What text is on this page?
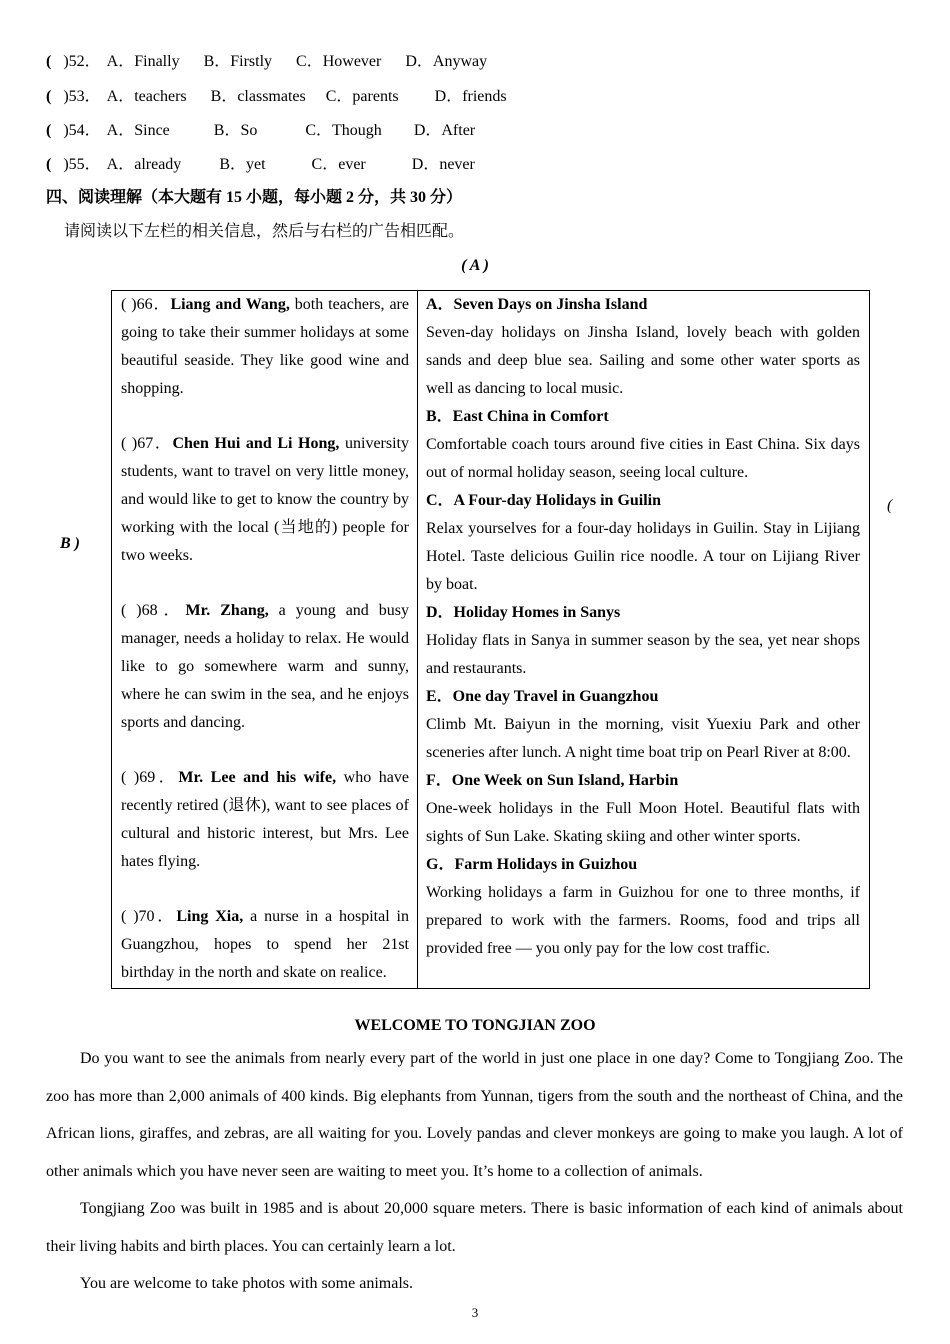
(   )52． A．Finally B．Firstly C．However D．Anyway
(   )53． A．teachers B．classmates C．parents D．friends
(   )54． A．Since	B．So	C．Though D．After
(   )55． A．already B．yet	C．ever	D．never
四、阅读理解（本大题有 15 小题，每小题 2 分，共 30 分）
请阅读以下左栏的相关信息，然后与右栏的广告相匹配。
( A )
B )
(

( )66．Liang and Wang, both teachers, are going to take their summer holidays at some beautiful seaside. They like good wine and shopping.

( )67．Chen Hui and Li Hong, university students, want to travel on very little money, and would like to get to know the country by working with the local (当地的) people for two weeks.

( )68．Mr. Zhang, a young and busy manager, needs a holiday to relax. He would like to go somewhere warm and sunny, where he can swim in the sea, and he enjoys sports and dancing.

( )69．Mr. Lee and his wife, who have recently retired (退休), want to see places of cultural and historic interest, but Mrs. Lee hates flying.

( )70．Ling Xia, a nurse in a hospital in Guangzhou, hopes to spend her 21st birthday in the north and skate on realice.

A．Seven Days on Jinsha Island

Seven-day holidays on Jinsha Island, lovely beach with golden sands and deep blue sea. Sailing and some other water sports as well as dancing to local music.

B．East China in Comfort

Comfortable coach tours around five cities in East China. Six days out of normal holiday season, seeing local culture.

C．A Four-day Holidays in Guilin

Relax yourselves for a four-day holidays in Guilin. Stay in Lijiang Hotel. Taste delicious Guilin rice noodle. A tour on Lijiang River by boat.

D．Holiday Homes in Sanys

Holiday flats in Sanya in summer season by the sea, yet near shops and restaurants.

E．One day Travel in Guangzhou

Climb Mt. Baiyun in the morning, visit Yuexiu Park and other sceneries after lunch. A night time boat trip on Pearl River at 8:00.

F．One Week on Sun Island, Harbin

One-week holidays in the Full Moon Hotel. Beautiful flats with sights of Sun Lake. Skating skiing and other winter sports.

G．Farm Holidays in Guizhou

Working holidays a farm in Guizhou for one to three months, if prepared to work with the farmers. Rooms, food and trips all provided free — you only pay for the low cost traffic.

WELCOME TO TONGJIAN ZOO

Do you want to see the animals from nearly every part of the world in just one place in one day? Come to Tongjiang Zoo. The zoo has more than 2,000 animals of 400 kinds. Big elephants from Yunnan, tigers from the south and the northeast of China, and the African lions, giraffes, and zebras, are all waiting for you. Lovely pandas and clever monkeys are going to make you laugh. A lot of other animals which you have never seen are waiting to meet you. It’s home to a collection of animals.

Tongjiang Zoo was built in 1985 and is about 20,000 square meters. There is basic information of each kind of animals about their living habits and birth places. You can certainly learn a lot.

You are welcome to take photos with some animals.

3
